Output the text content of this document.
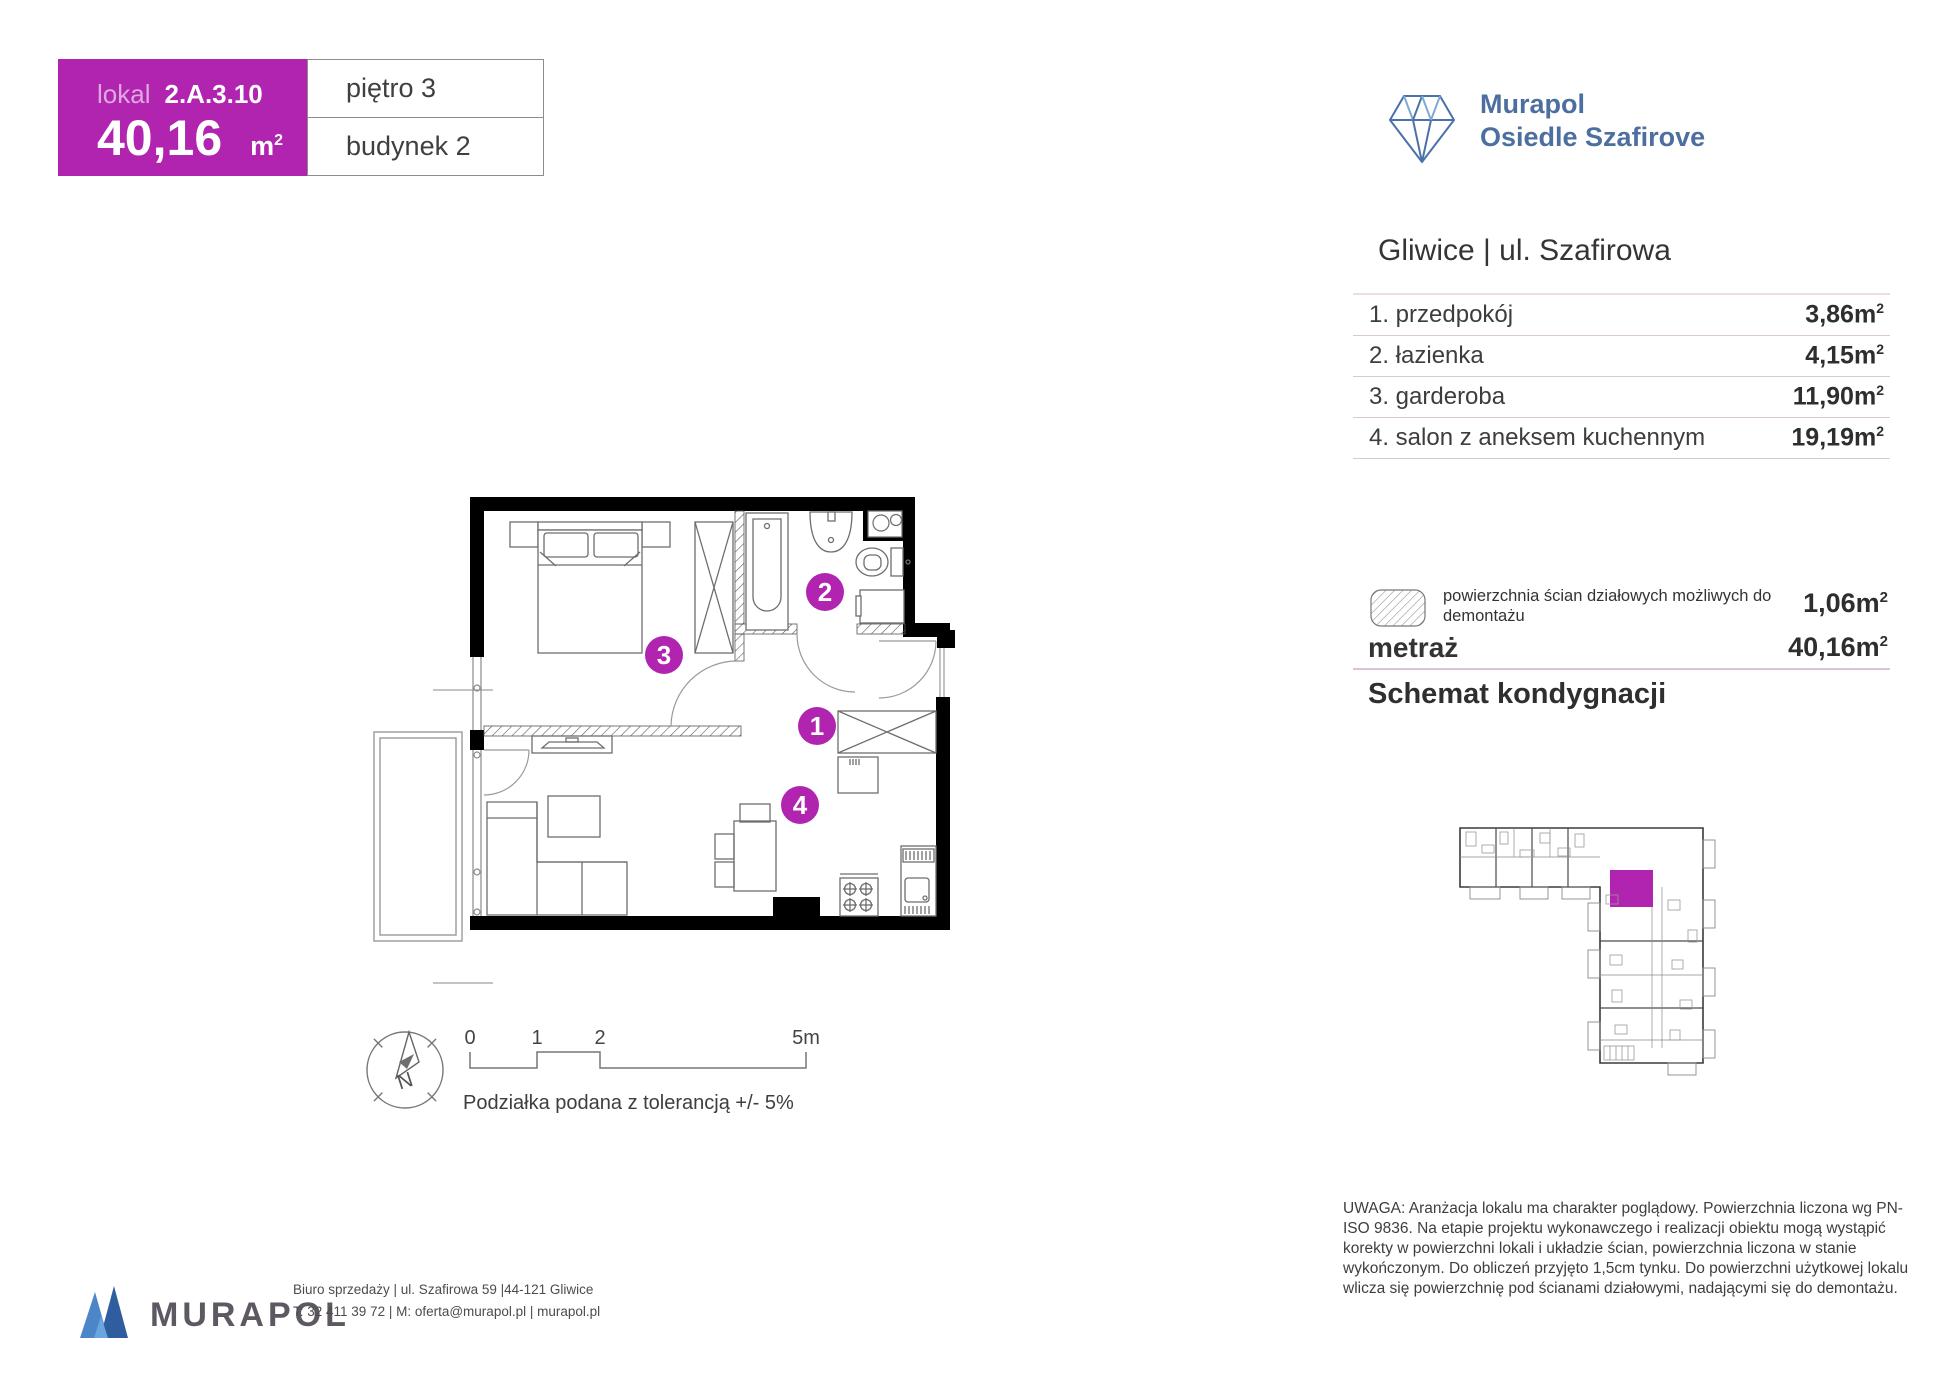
lokal 2.A.3.10
40,16 $m^2$
piętro 3
budynek 2
Murapol
Osiedle Szafirove
Gliwice | ul. Szafirowa
1. przedpokój	$3,86m^2$
2. łazienka	$4,15m^2$
3. garderoba	$11,90m^2$
4. salon z aneksem kuchennym	$19,19m^2$
powierzchnia ścian działowych możliwych do
demontażu	$1,06m^2$
metraż	$40,16m^2$
Schemat kondygnacji
1
2
3
4
N
0	1	2	5m
Podziałka podana z tolerancją +/- 5%
UWAGA: Aranżacja lokalu ma charakter poglądowy. Powierzchnia liczona wg PN-ISO 9836. Na etapie projektu wykonawczego i realizacji obiektu mogą wystąpić korekty w powierzchni lokali i układzie ścian, powierzchnia liczona w stanie wykończonym. Do obliczeń przyjęto 1,5cm tynku. Do powierzchni użytkowej lokalu wlicza się powierzchnię pod ścianami działowymi, nadającymi się do demontażu.
MURAPOL
Biuro sprzedaży | ul. Szafirowa 59 |44-121 Gliwice
T: 32 411 39 72 | M: oferta@murapol.pl | murapol.pl
